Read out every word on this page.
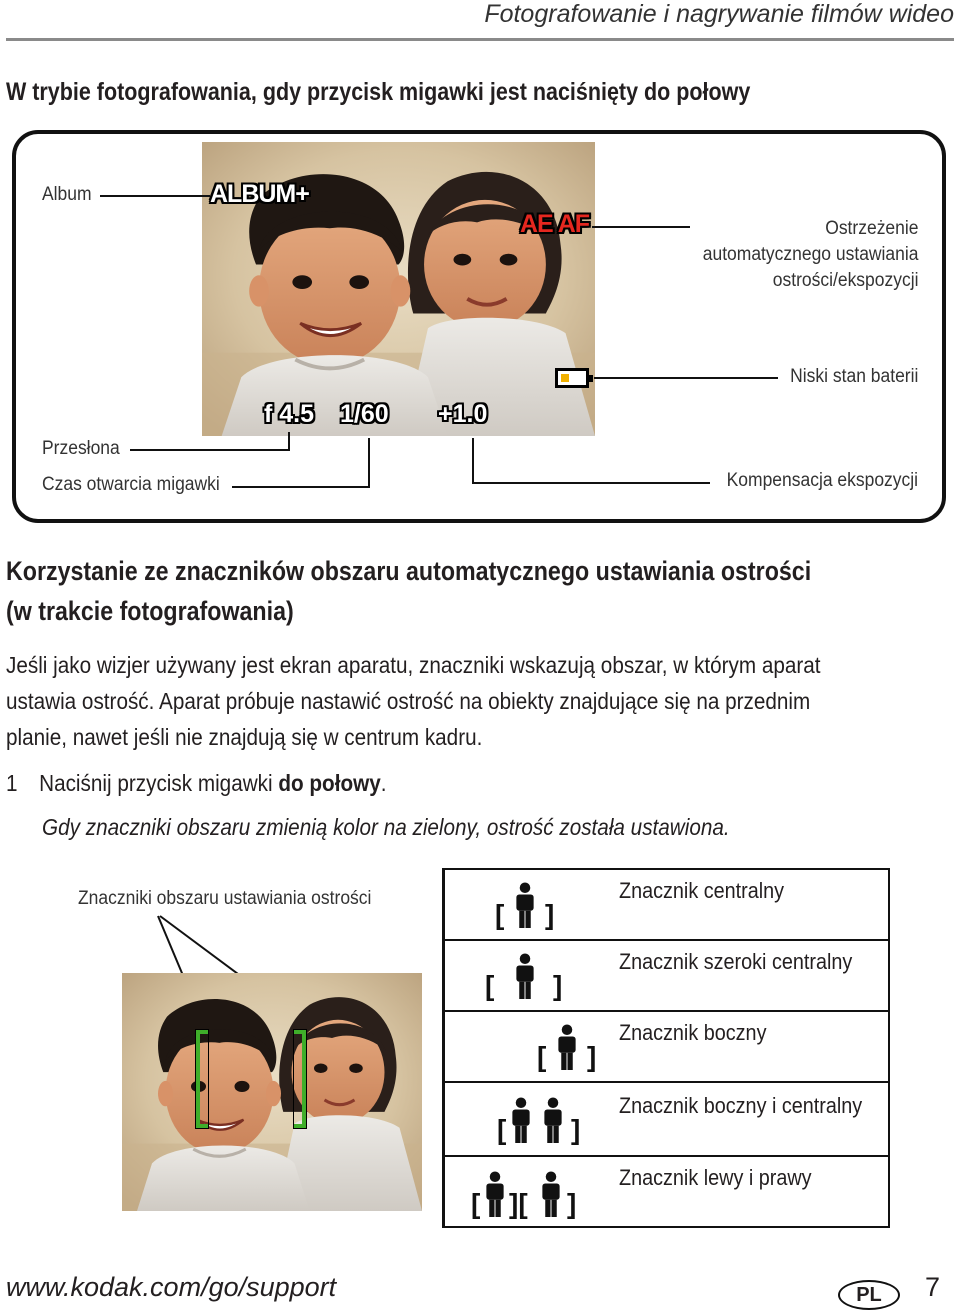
Fotografowanie i nagrywanie filmów wideo
W trybie fotografowania, gdy przycisk migawki jest naciśnięty do połowy
ALBUM+
AE AF
f 4.5 1/60 +1.0
Album
Ostrzeżenie
automatycznego ustawiania
ostrości/ekspozycji
Niski stan baterii
Przesłona
Czas otwarcia migawki	Kompensacja ekspozycji
Korzystanie ze znaczników obszaru automatycznego ustawiania ostrości
(w trakcie fotografowania)
Jeśli jako wizjer używany jest ekran aparatu, znaczniki wskazują obszar, w którym aparat
ustawia ostrość. Aparat próbuje nastawić ostrość na obiekty znajdujące się na przednim
planie, nawet jeśli nie znajdują się w centrum kadru.
1 Naciśnij przycisk migawki do połowy.
Gdy znaczniki obszaru zmienią kolor na zielony, ostrość została ustawiona.
Znaczniki obszaru ustawiania ostrości
[ ]
Znacznik centralny
[ ]
Znacznik szeroki centralny
[ ]
Znacznik boczny
[ ]
Znacznik boczny i centralny
[ ][ ]
Znacznik lewy i prawy
www.kodak.com/go/support	PL	7
